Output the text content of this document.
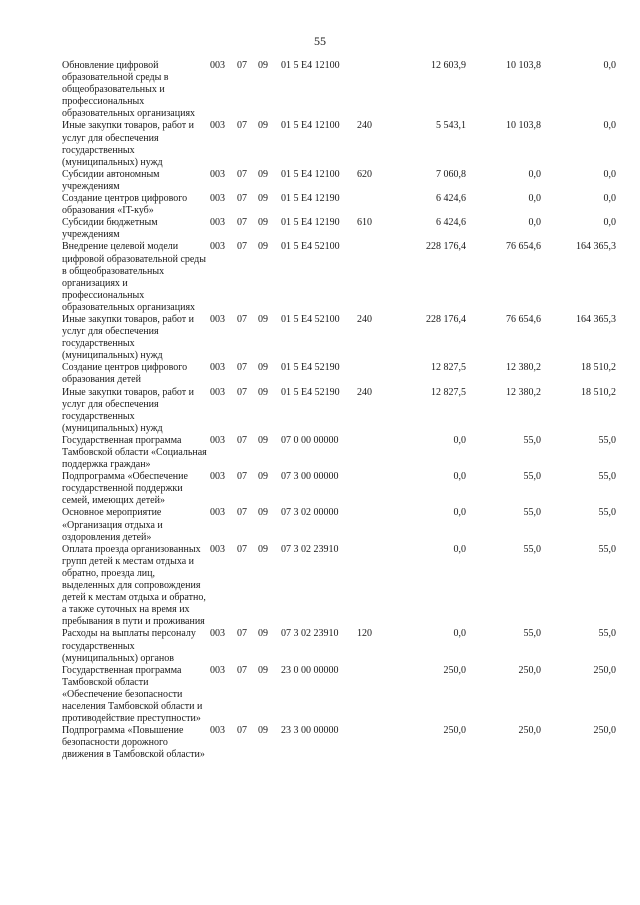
55
Обновление цифровой образовательной среды в общеобразовательных и профессиональных образовательных организациях	003	07	09	01 5 E4 12100		12 603,9	10 103,8	0,0
Иные закупки товаров, работ и услуг для обеспечения государственных (муниципальных) нужд	003	07	09	01 5 E4 12100	240	5 543,1	10 103,8	0,0
Субсидии автономным учреждениям	003	07	09	01 5 E4 12100	620	7 060,8	0,0	0,0
Создание центров цифрового образования «IT-куб»	003	07	09	01 5 E4 12190		6 424,6	0,0	0,0
Субсидии бюджетным учреждениям	003	07	09	01 5 E4 12190	610	6 424,6	0,0	0,0
Внедрение целевой модели цифровой образовательной среды в общеобразовательных организациях и профессиональных образовательных организациях	003	07	09	01 5 E4 52100		228 176,4	76 654,6	164 365,3
Иные закупки товаров, работ и услуг для обеспечения государственных (муниципальных) нужд	003	07	09	01 5 E4 52100	240	228 176,4	76 654,6	164 365,3
Создание центров цифрового образования детей	003	07	09	01 5 E4 52190		12 827,5	12 380,2	18 510,2
Иные закупки товаров, работ и услуг для обеспечения государственных (муниципальных) нужд	003	07	09	01 5 E4 52190	240	12 827,5	12 380,2	18 510,2
Государственная программа Тамбовской области «Социальная поддержка граждан»	003	07	09	07 0 00 00000		0,0	55,0	55,0
Подпрограмма «Обеспечение государственной поддержки семей, имеющих детей»	003	07	09	07 3 00 00000		0,0	55,0	55,0
Основное мероприятие «Организация отдыха и оздоровления детей»	003	07	09	07 3 02 00000		0,0	55,0	55,0
Оплата проезда организованных групп детей к местам отдыха и обратно, проезда лиц, выделенных для сопровождения детей к местам отдыха и обратно, а также суточных на время их пребывания в пути и проживания	003	07	09	07 3 02 23910		0,0	55,0	55,0
Расходы на выплаты персоналу государственных (муниципальных) органов	003	07	09	07 3 02 23910	120	0,0	55,0	55,0
Государственная программа Тамбовской области «Обеспечение безопасности населения Тамбовской области и противодействие преступности»	003	07	09	23 0 00 00000		250,0	250,0	250,0
Подпрограмма «Повышение безопасности дорожного движения в Тамбовской области»	003	07	09	23 3 00 00000		250,0	250,0	250,0
